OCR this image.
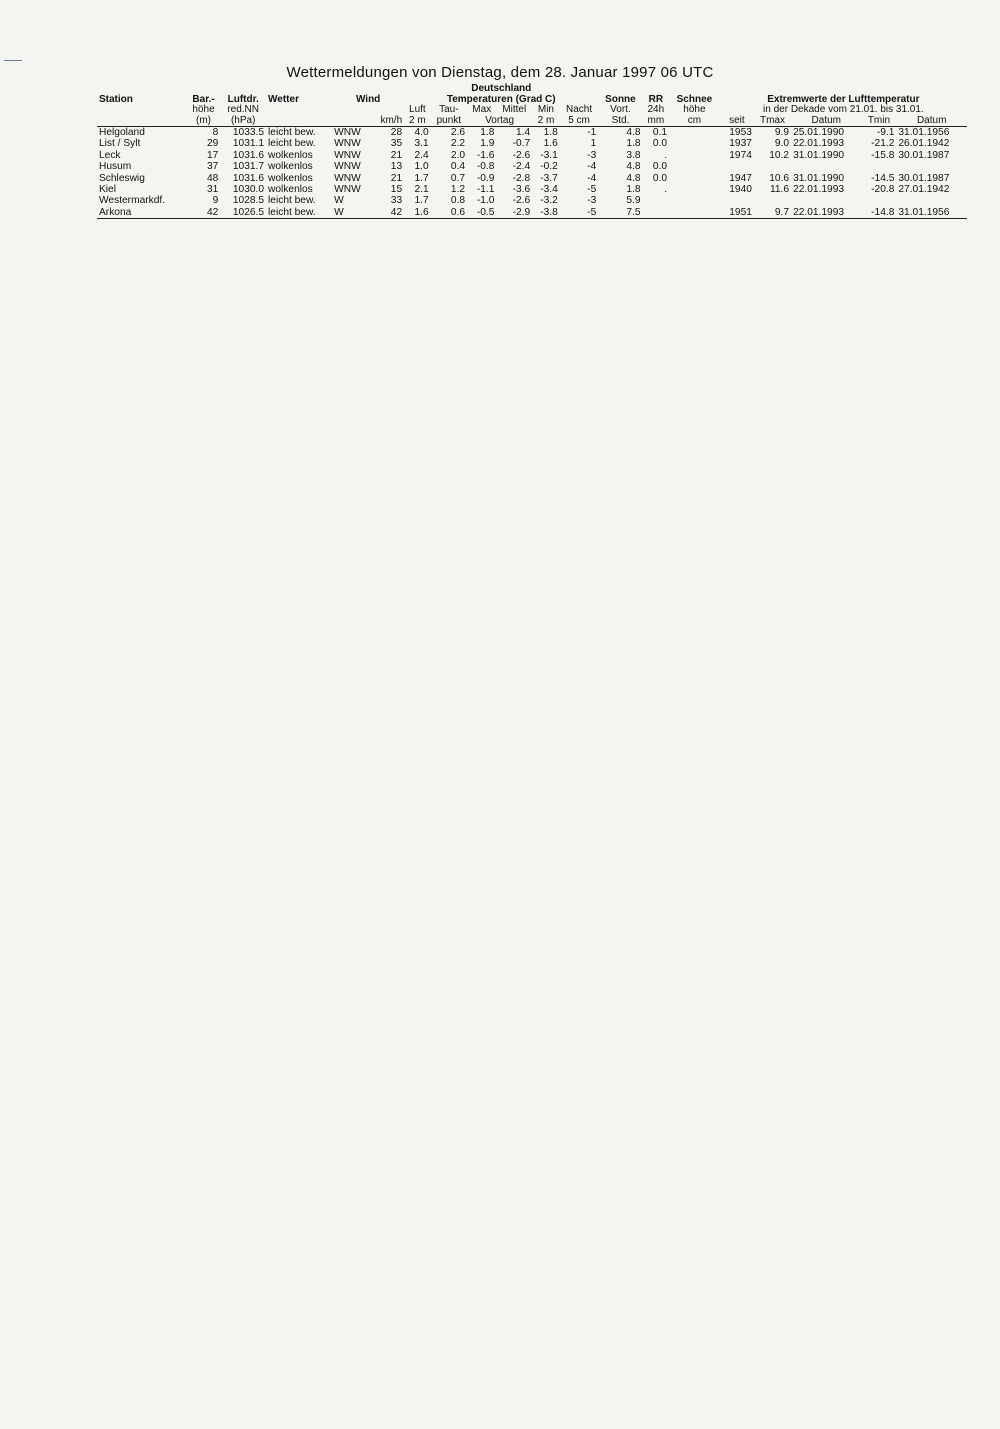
Wettermeldungen von Dienstag, dem 28. Januar 1997 06 UTC
						Deutschland													
Station	Bar.-	Luftdr.	Wetter	Wind		Temperaturen (Grad C)						Sonne	RR	Schnee	Extremwerte der Lufttemperatur				
	höhe	red.NN				Luft	Tau-	Max	Mittel	Min	Nacht	Vort.	24h	höhe	in der Dekade vom 21.01. bis 31.01.				
	(m)	(hPa)			km/h	2 m	punkt	Vortag		2 m	5 cm	Std.	mm	cm	seit	Tmax	Datum	Tmin	Datum
Helgoland	8	1033.5	leicht bew.	WNW	28	4.0	2.6	1.8	1.4	1.8	-1	4.8	0.1		1953	9.9	25.01.1990	-9.1	31.01.1956
List / Sylt	29	1031.1	leicht bew.	WNW	35	3.1	2.2	1.9	-0.7	1.6	1	1.8	0.0		1937	9.0	22.01.1993	-21.2	26.01.1942
Leck	17	1031.6	wolkenlos	WNW	21	2.4	2.0	-1.6	-2.6	-3.1	-3	3.8	.		1974	10.2	31.01.1990	-15.8	30.01.1987
Husum	37	1031.7	wolkenlos	WNW	13	1.0	0.4	-0.8	-2.4	-0.2	-4	4.8	0.0						
Schleswig	48	1031.6	wolkenlos	WNW	21	1.7	0.7	-0.9	-2.8	-3.7	-4	4.8	0.0		1947	10.6	31.01.1990	-14.5	30.01.1987
Kiel	31	1030.0	wolkenlos	WNW	15	2.1	1.2	-1.1	-3.6	-3.4	-5	1.8	.		1940	11.6	22.01.1993	-20.8	27.01.1942
Westermarkdf.	9	1028.5	leicht bew.	W	33	1.7	0.8	-1.0	-2.6	-3.2	-3	5.9							
Arkona	42	1026.5	leicht bew.	W	42	1.6	0.6	-0.5	-2.9	-3.8	-5	7.5			1951	9.7	22.01.1993	-14.8	31.01.1956
